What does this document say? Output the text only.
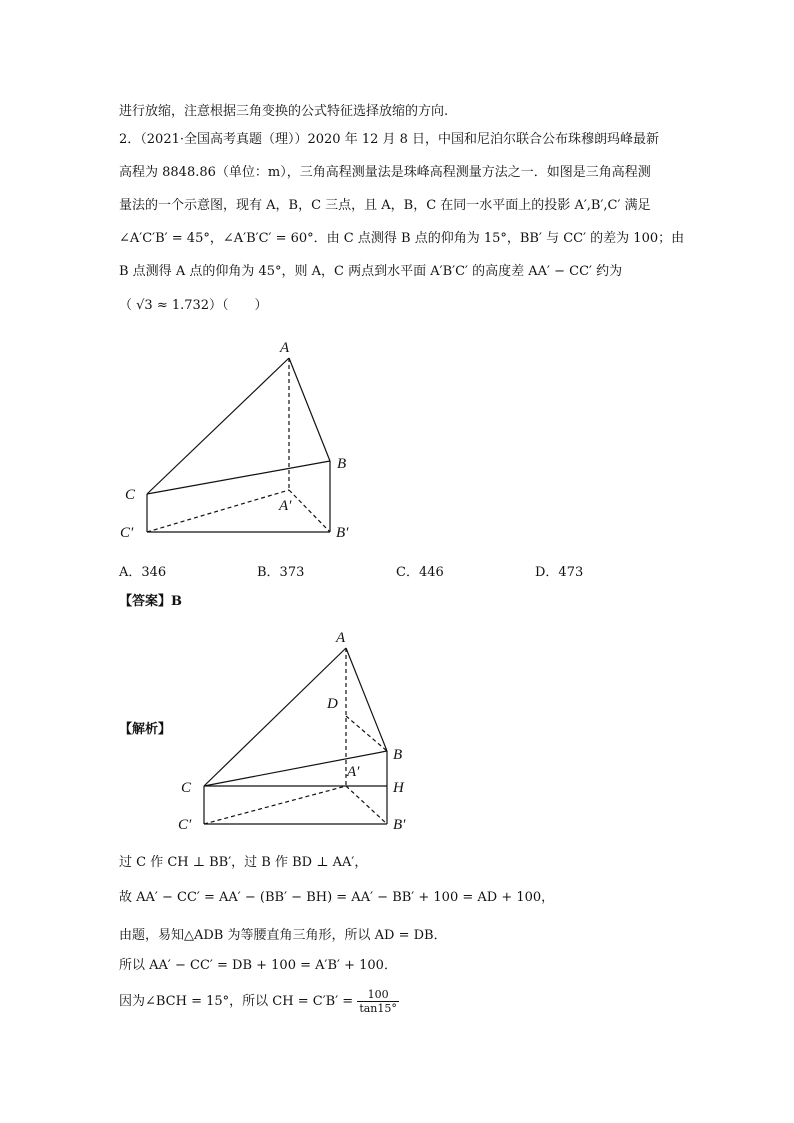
进行放缩，注意根据三角变换的公式特征选择放缩的方向.
2．（2021·全国高考真题（理））2020 年 12 月 8 日，中国和尼泊尔联合公布珠穆朗玛峰最新
高程为 8848.86（单位：m），三角高程测量法是珠峰高程测量方法之一．如图是三角高程测
量法的一个示意图，现有 A，B，C 三点，且 A，B，C 在同一水平面上的投影 A′,B′,C′ 满足
∠A′C′B′ = 45°，∠A′B′C′ = 60°．由 C 点测得 B 点的仰角为 15°，BB′ 与 CC′ 的差为 100；由
B 点测得 A 点的仰角为 45°，则 A，C 两点到水平面 A′B′C′ 的高度差 AA′ − CC′ 约为
（ √3 ≈ 1.732）（　　）
A
B
C
A′
B′
C′
A．346	B．373	C．446	D．473
【答案】B
【解析】
A
D
B
A′
C	H
C′	B′
过 C 作 CH ⊥ BB′，过 B 作 BD ⊥ AA′，
故 AA′ − CC′ = AA′ − (BB′ − BH) = AA′ − BB′ + 100 = AD + 100，
由题，易知△ADB 为等腰直角三角形，所以 AD = DB．
所以 AA′ − CC′ = DB + 100 = A′B′ + 100．
因为∠BCH = 15°，所以 CH = $C'B' = \frac{100}{\tan 15^\circ}$
